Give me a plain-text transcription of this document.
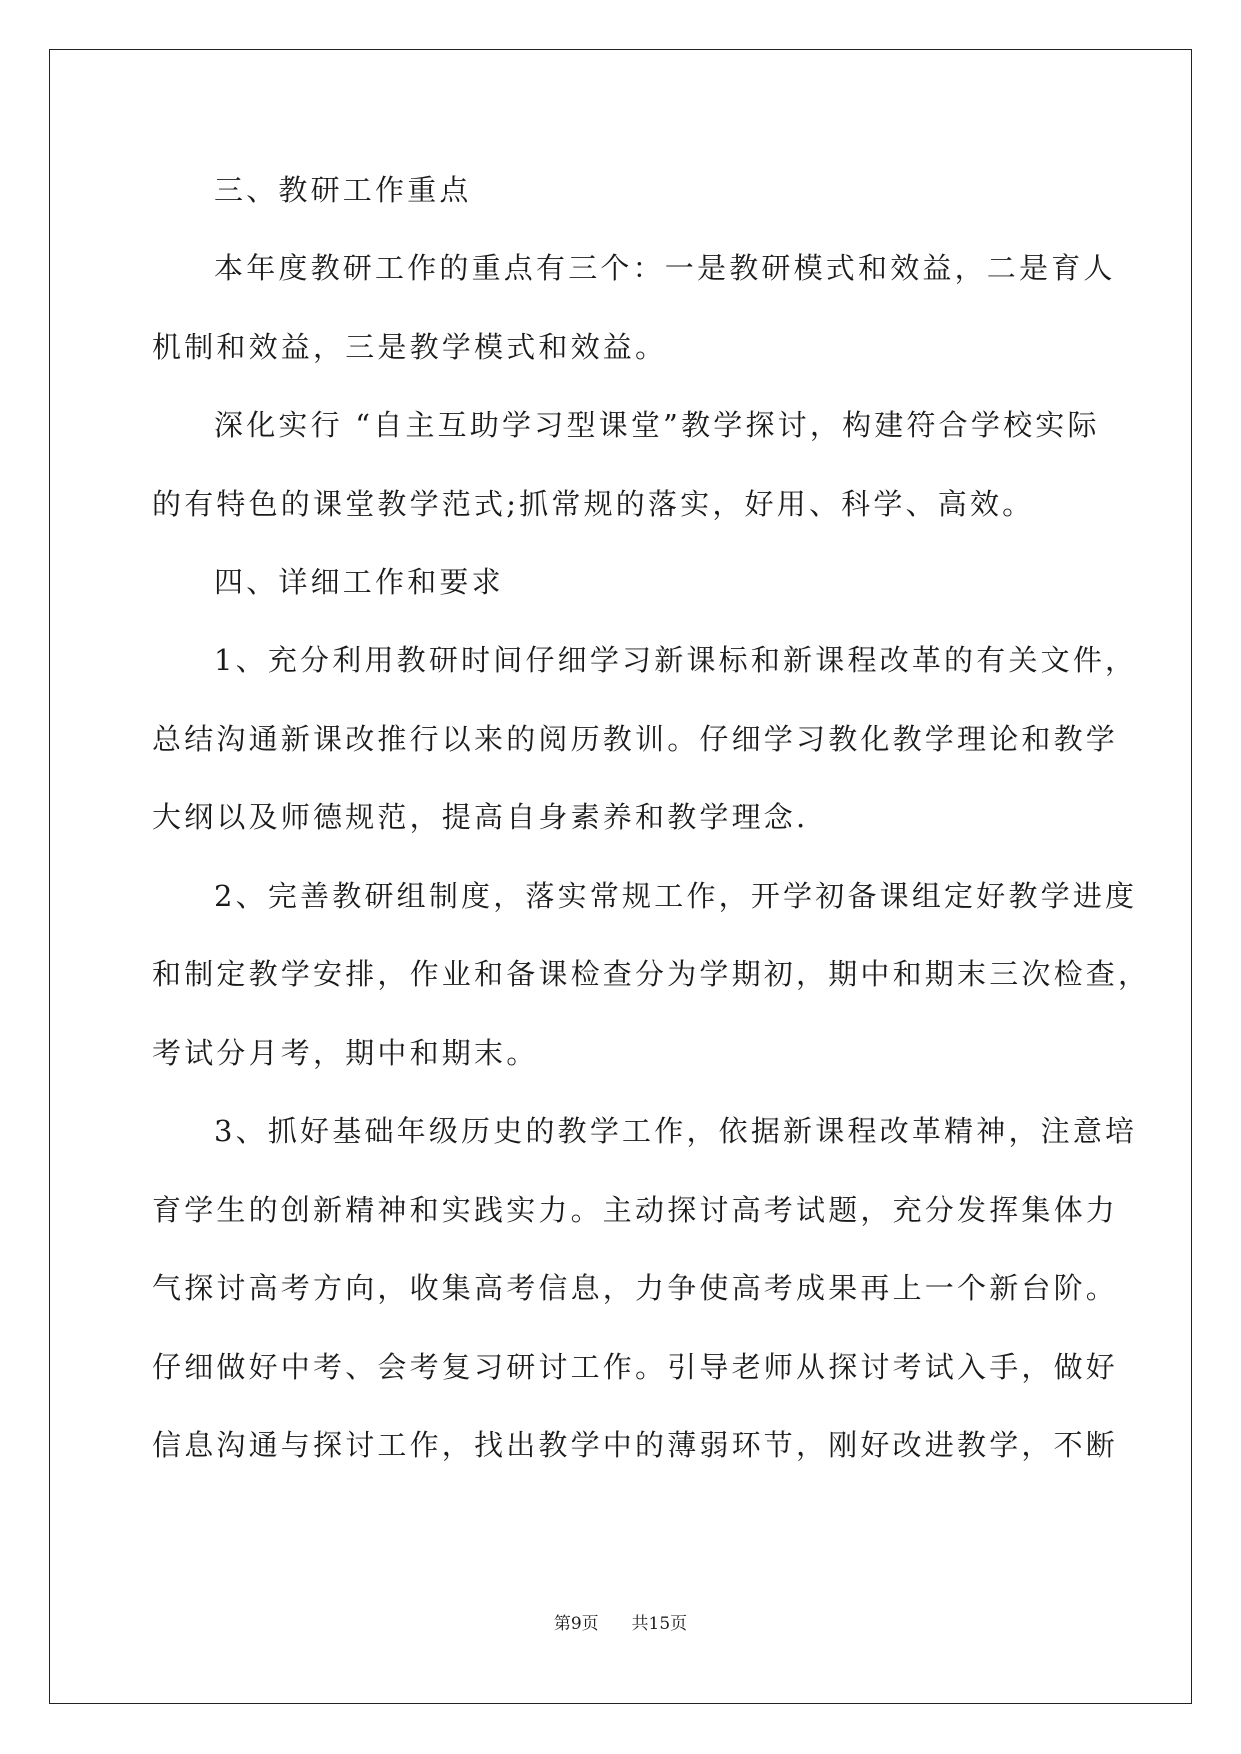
三、教研工作重点
本年度教研工作的重点有三个：一是教研模式和效益，二是育人
机制和效益，三是教学模式和效益。
深化实行 “自主互助学习型课堂”教学探讨，构建符合学校实际
的有特色的课堂教学范式;抓常规的落实，好用、科学、高效。
四、详细工作和要求
1、充分利用教研时间仔细学习新课标和新课程改革的有关文件，
总结沟通新课改推行以来的阅历教训。仔细学习教化教学理论和教学
大纲以及师德规范，提高自身素养和教学理念.
2、完善教研组制度，落实常规工作，开学初备课组定好教学进度
和制定教学安排，作业和备课检查分为学期初，期中和期末三次检查，
考试分月考，期中和期末。
3、抓好基础年级历史的教学工作，依据新课程改革精神，注意培
育学生的创新精神和实践实力。主动探讨高考试题，充分发挥集体力
气探讨高考方向，收集高考信息，力争使高考成果再上一个新台阶。
仔细做好中考、会考复习研讨工作。引导老师从探讨考试入手，做好
信息沟通与探讨工作，找出教学中的薄弱环节，刚好改进教学，不断
第9页 共15页
